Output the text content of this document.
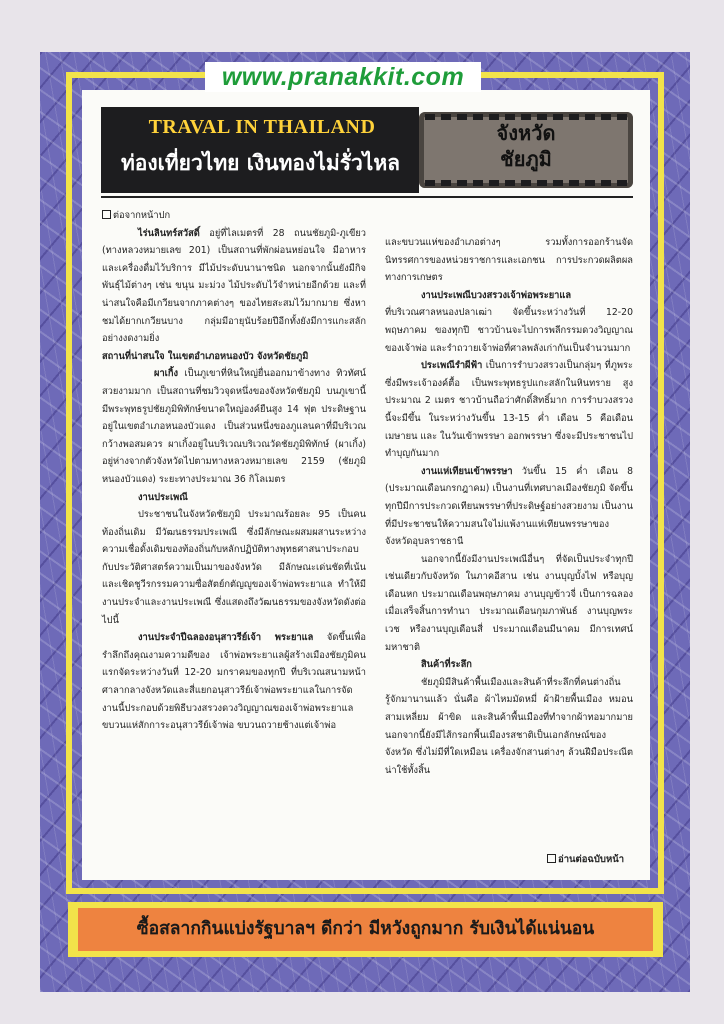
www.pranakkit.com
TRAVAL IN THAILAND
ท่องเที่ยวไทย เงินทองไม่รั่วไหล
จังหวัด
ชัยภูมิ

ต่อจากหน้าปก

ไร่นลินทร์สวัสดิ์ อยู่ที่ไลเมตรที่ 28 ถนนชัยภูมิ-ภูเขียว (ทางหลวงหมายเลข 201) เป็นสถานที่พักผ่อนหย่อนใจ มีอาหารและเครื่องดื่มไว้บริการ มีไม้ประดับนานาชนิด นอกจากนั้นยังมีกิจพันธุ์ไม้ต่างๆ เช่น ขนุน มะม่วง ไม้ประดับไว้จำหน่ายอีกด้วย และที่น่าสนใจคือมีเกวียนจากภาคต่างๆ ของไทยสะสมไว้มากมาย ซึ่งหาชมได้ยากเกวียนบาง กลุ่มมีอายุนับร้อยปีอีกทั้งยังมีการแกะสลักอย่างงดงามยิ่ง

สถานที่น่าสนใจ ในเขตอำเภอหนองบัว จังหวัดชัยภูมิ

ผาเกิ้ง เป็นภูเขาที่หินใหญ่ยื่นออกมาข้างทาง ทิวทัศน์สวยงามมาก เป็นสถานที่ชมวิวจุดหนึ่งของจังหวัดชัยภูมิ บนภูเขานี้มีพระพุทธรูปชัยภูมิพิทักษ์ขนาดใหญ่องค์ยืนสูง 14 ฟุต ประดิษฐานอยู่ในเขตอำเภอหนองบัวแดง เป็นส่วนหนึ่งของภูแลนคาที่มีบริเวณกว้างพอสมควร ผาเกิ้งอยู่ในบริเวณบริเวณวัดชัยภูมิพิทักษ์ (ผาเกิ้ง) อยู่ห่างจากตัวจังหวัดไปตามทางหลวงหมายเลข 2159 (ชัยภูมิ หนองบัวแดง) ระยะทางประมาณ 36 กิโลเมตร

งานประเพณี

ประชาชนในจังหวัดชัยภูมิ ประมาณร้อยละ 95 เป็นคนท้องถิ่นเดิม มีวัฒนธรรมประเพณี ซึ่งมีลักษณะผสมผสานระหว่างความเชื่อดั้งเดิมของท้องถิ่นกับหลักปฏิบัติทางพุทธศาสนาประกอบกับประวัติศาสตร์ความเป็นมาของจังหวัด มีลักษณะเด่นชัดที่เน้นและเชิดชูวีรกรรมความซื่อสัตย์กตัญญูของเจ้าพ่อพระยาแล ทำให้มีงานประจำและงานประเพณี ซึ่งแสดงถึงวัฒนธรรมของจังหวัดดังต่อไปนี้

งานประจำปีฉลองอนุสาวรีย์เจ้า พระยาแล จัดขึ้นเพื่อรำลึกถึงคุณงามความดีของ เจ้าพ่อพระยาแลผู้สร้างเมืองชัยภูมิคนแรกจัดระหว่างวันที่ 12-20 มกราคมของทุกปี ที่บริเวณสนามหน้าศาลากลางจังหวัดและสี่แยกอนุสาวรีย์เจ้าพ่อพระยาแลในการจัดงานนี้ประกอบด้วยพิธีบวงสรวงดวงวิญญาณของเจ้าพ่อพระยาแล ขบวนแห่สักการะอนุสาวรีย์เจ้าพ่อ ขบวนถวายช้างแต่เจ้าพ่อ

และขบวนแห่ของอำเภอต่างๆ รวมทั้งการออกร้านจัดนิทรรศการของหน่วยราชการและเอกชน การประกวดผลิตผลทางการเกษตร

งานประเพณีบวงสรวงเจ้าพ่อพระยาแล

ที่บริเวณศาลหนองปลาเฒ่า จัดขึ้นระหว่างวันที่ 12-20 พฤษภาคม ของทุกปี ชาวบ้านจะไปการพลีกรรมดวงวิญญาณของเจ้าพ่อ และรำถวายเจ้าพ่อที่ศาลพลังเก่ากันเป็นจำนวนมาก

ประเพณีรำผีฟ้า เป็นการรำบวงสรวงเป็นกลุ่มๆ ที่ภูพระ ซึ่งมีพระเจ้าองค์ตื้อ เป็นพระพุทธรูปแกะสลักในหินทราย สูงประมาณ 2 เมตร ชาวบ้านถือว่าศักดิ์สิทธิ์มาก การรำบวงสรวงนี้จะมีขึ้น ในระหว่างวันขึ้น 13-15 ค่ำ เดือน 5 คือเดือนเมษายน และ ในวันเข้าพรรษา ออกพรรษา ซึ่งจะมีประชาชนไปทำบุญกันมาก

งานแห่เทียนเข้าพรรษา วันขึ้น 15 ค่ำ เดือน 8 (ประมาณเดือนกรกฎาคม) เป็นงานที่เทศบาลเมืองชัยภูมิ จัดขึ้นทุกปีมีการประกวดเทียนพรรษาที่ประดิษฐ์อย่างสวยงาม เป็นงานที่มีประชาชนให้ความสนใจไม่แพ้งานแห่เทียนพรรษาของจังหวัดอุบลราชธานี

นอกจากนี้ยังมีงานประเพณีอื่นๆ ที่จัดเป็นประจำทุกปี เช่นเดียวกับจังหวัด ในภาคอีสาน เช่น งานบุญบั้งไฟ หรือบุญเดือนหก ประมาณเดือนพฤษภาคม งานบุญข้าวจี่ เป็นการฉลองเมื่อเสร็จสิ้นการทำนา ประมาณเดือนกุมภาพันธ์ งานบุญพระเวช หรืองานบุญเดือนสี่ ประมาณเดือนมีนาคม มีการเทศน์มหาชาติ

สินค้าที่ระลึก

ชัยภูมิมีสินค้าพื้นเมืองและสินค้าที่ระลึกที่คนต่างถิ่นรู้จักมานานแล้ว นั่นคือ ผ้าไหมมัดหมี่ ผ้าฝ้ายพื้นเมือง หมอนสามเหลี่ยม ผ้าขิด และสินค้าพื้นเมืองที่ทำจากผ้าทอมากมาย นอกจากนี้ยังมีไส้กรอกพื้นเมืองรสชาติเป็นเอกลักษณ์ของจังหวัด ซึ่งไม่มีที่ใดเหมือน เครื่องจักสานต่างๆ ล้วนฝีมือประณีตน่าใช้ทั้งสิ้น

อ่านต่อฉบับหน้า
ซื้อสลากกินแบ่งรัฐบาลฯ ดีกว่า มีหวังถูกมาก รับเงินได้แน่นอน
